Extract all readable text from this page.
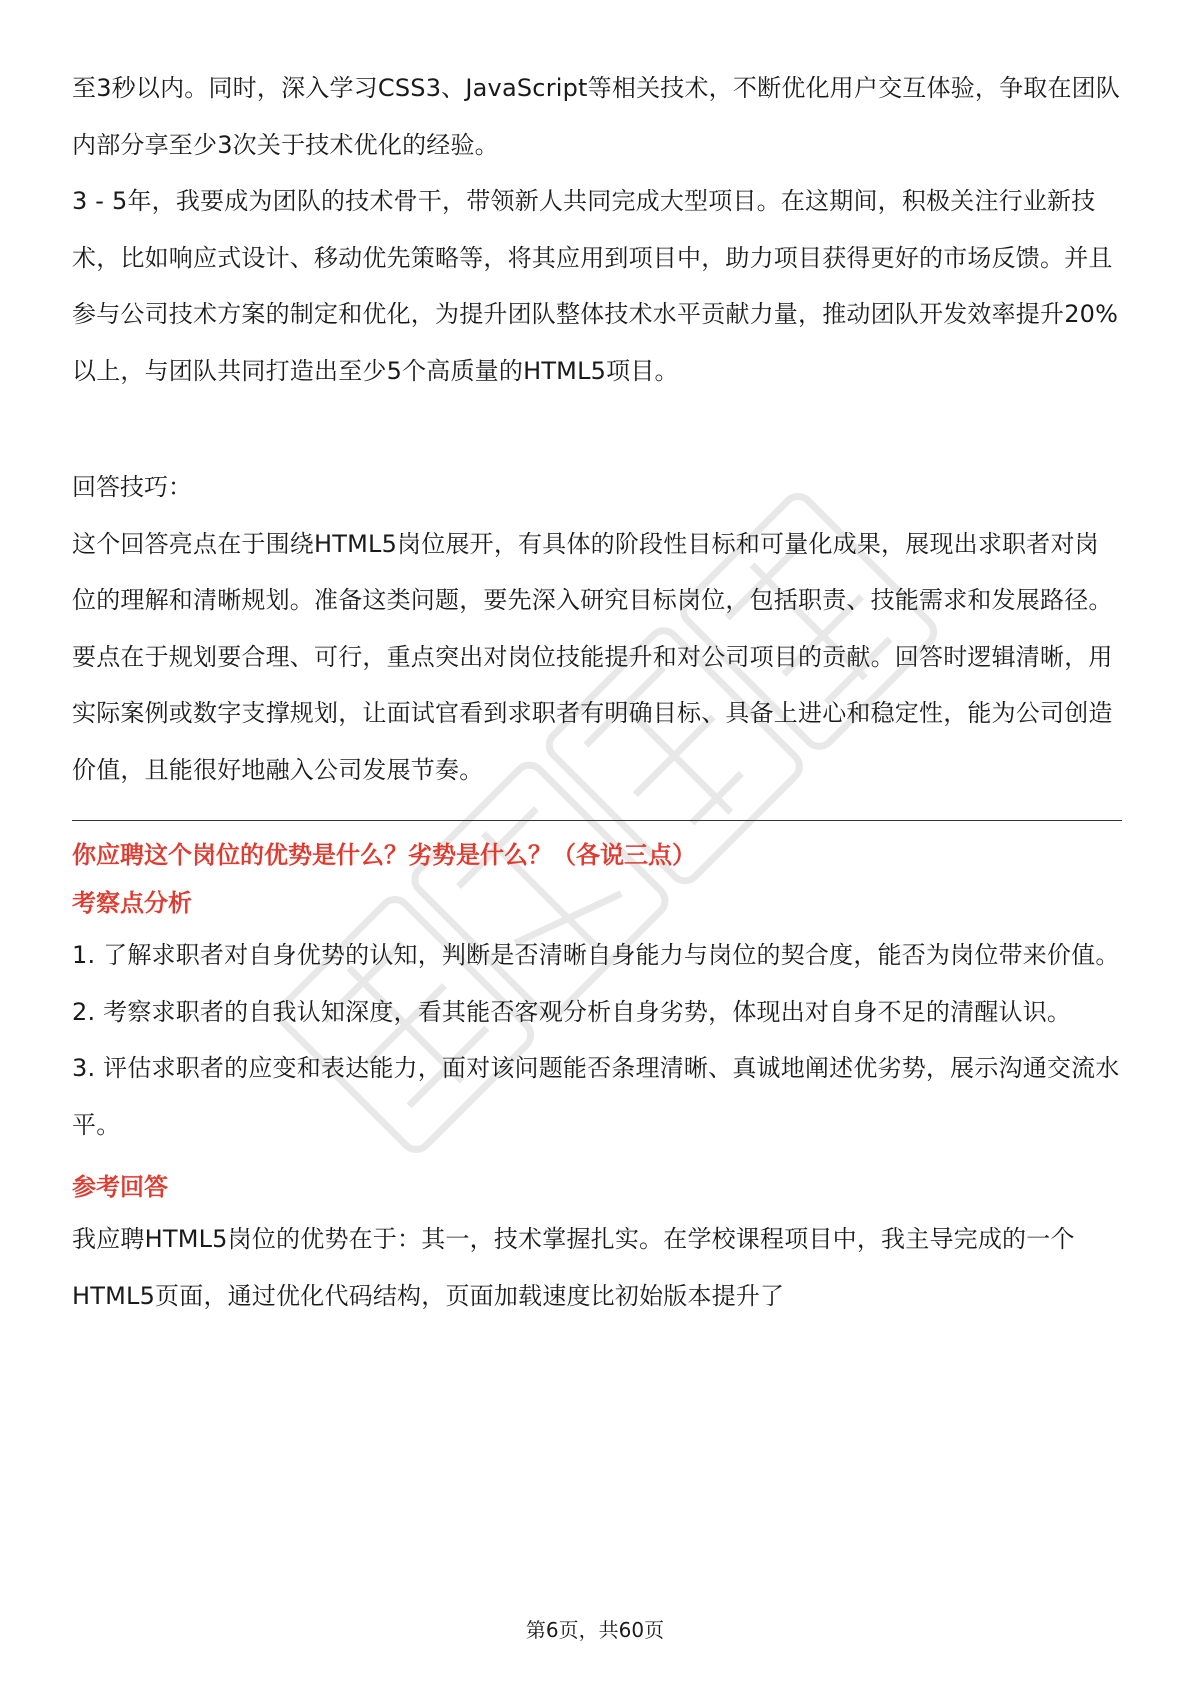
至3秒以内。同时，深入学习CSS3、JavaScript等相关技术，不断优化用户交互体验，争取在团队内部分享至少3次关于技术优化的经验。

3 - 5年，我要成为团队的技术骨干，带领新人共同完成大型项目。在这期间，积极关注行业新技术，比如响应式设计、移动优先策略等，将其应用到项目中，助力项目获得更好的市场反馈。并且参与公司技术方案的制定和优化，为提升团队整体技术水平贡献力量，推动团队开发效率提升20%以上，与团队共同打造出至少5个高质量的HTML5项目。

回答技巧：

这个回答亮点在于围绕HTML5岗位展开，有具体的阶段性目标和可量化成果，展现出求职者对岗位的理解和清晰规划。准备这类问题，要先深入研究目标岗位，包括职责、技能需求和发展路径。要点在于规划要合理、可行，重点突出对岗位技能提升和对公司项目的贡献。回答时逻辑清晰，用实际案例或数字支撑规划，让面试官看到求职者有明确目标、具备上进心和稳定性，能为公司创造价值，且能很好地融入公司发展节奏。

你应聘这个岗位的优势是什么？劣势是什么？（各说三点）

考察点分析

1. 了解求职者对自身优势的认知，判断是否清晰自身能力与岗位的契合度，能否为岗位带来价值。

2. 考察求职者的自我认知深度，看其能否客观分析自身劣势，体现出对自身不足的清醒认识。

3. 评估求职者的应变和表达能力，面对该问题能否条理清晰、真诚地阐述优劣势，展示沟通交流水平。

参考回答

我应聘HTML5岗位的优势在于：其一，技术掌握扎实。在学校课程项目中，我主导完成的一个HTML5页面，通过优化代码结构，页面加载速度比初始版本提升了

第6页，共60页
